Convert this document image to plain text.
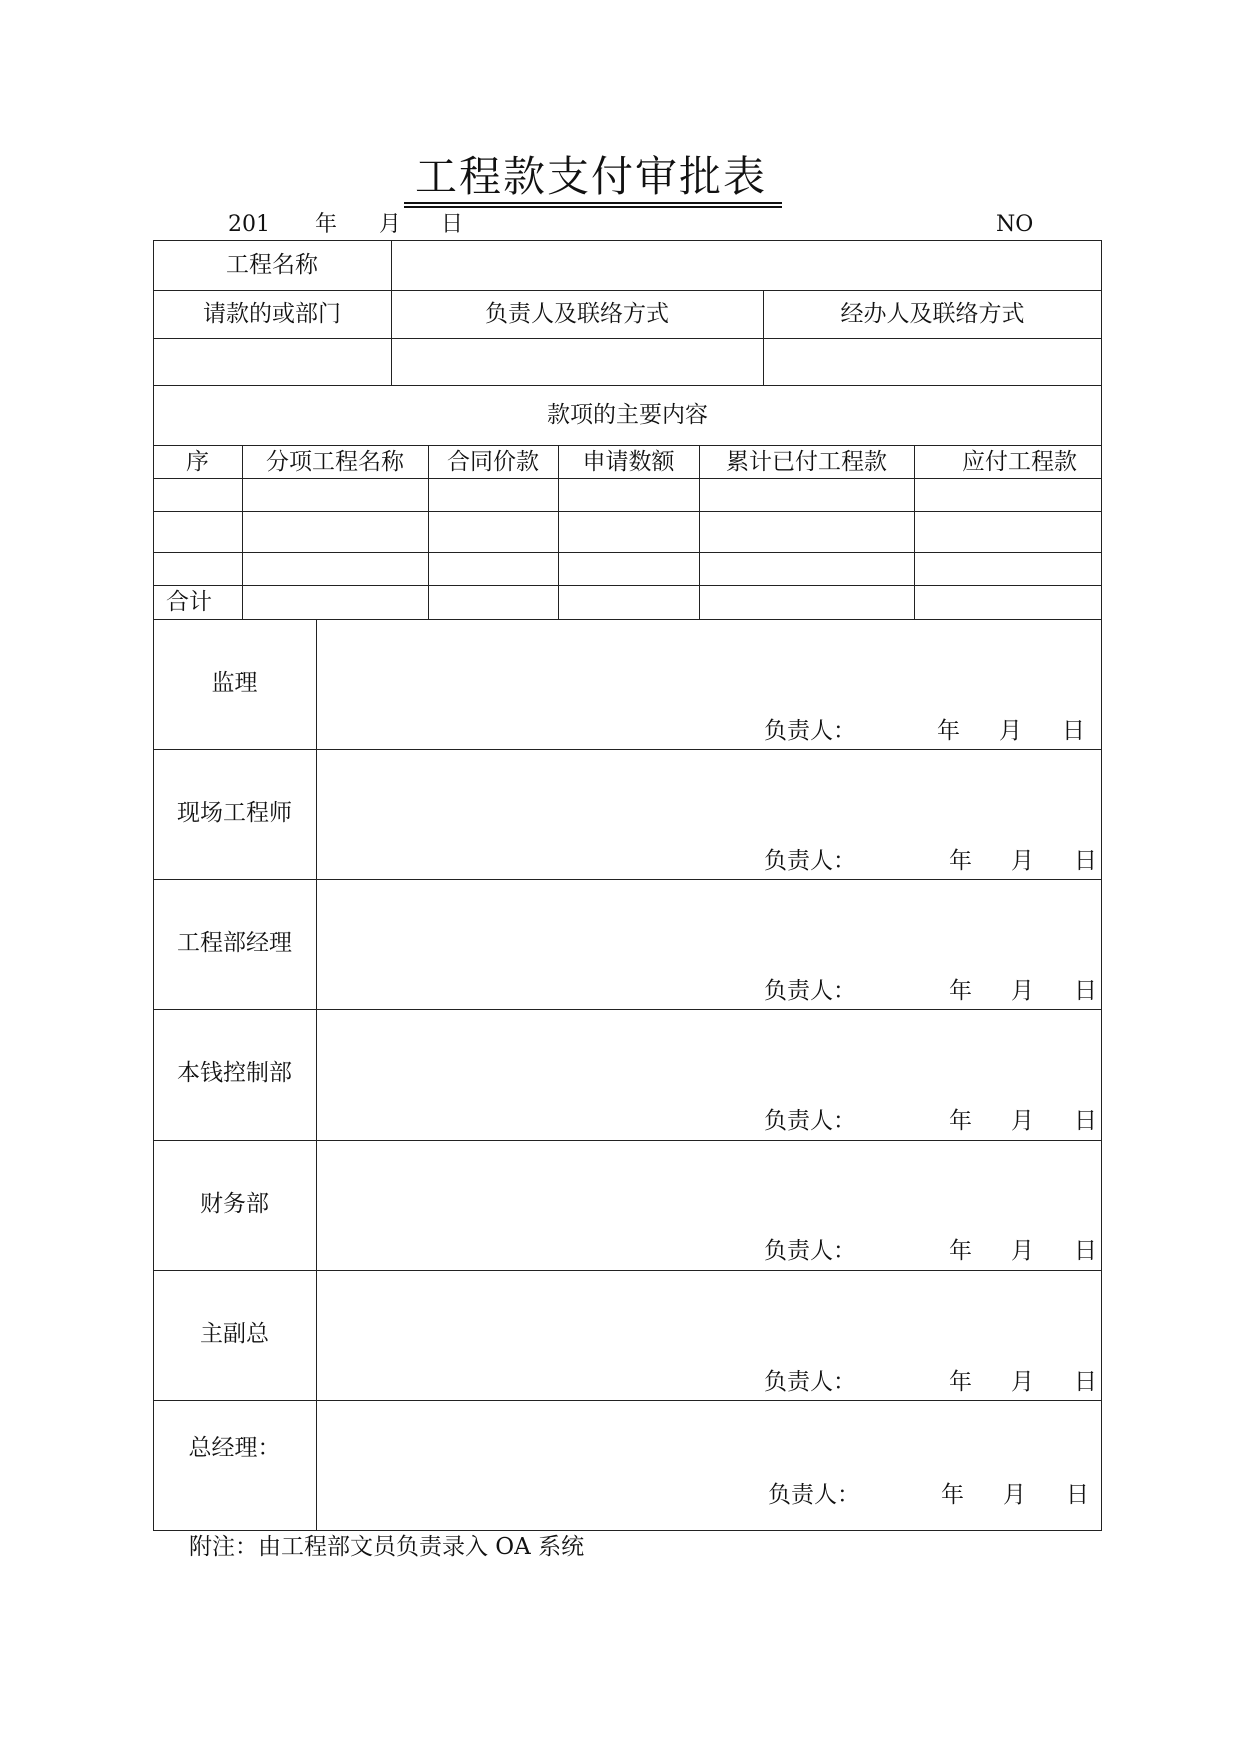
工程款支付审批表
201 年 月 日	NO
工程名称
请款的或部门	负责人及联络方式	经办人及联络方式
款项的主要内容
序	分项工程名称	合同价款	申请数额	累计已付工程款	应付工程款
合计
监理
负责人：	年 月 日
现场工程师
负责人：	年 月 日
工程部经理
负责人：	年 月 日
本钱控制部
负责人：	年 月 日
财务部
负责人：	年 月 日
主副总
负责人：	年 月 日
总经理：
负责人：	年 月 日
附注：由工程部文员负责录入 OA 系统
